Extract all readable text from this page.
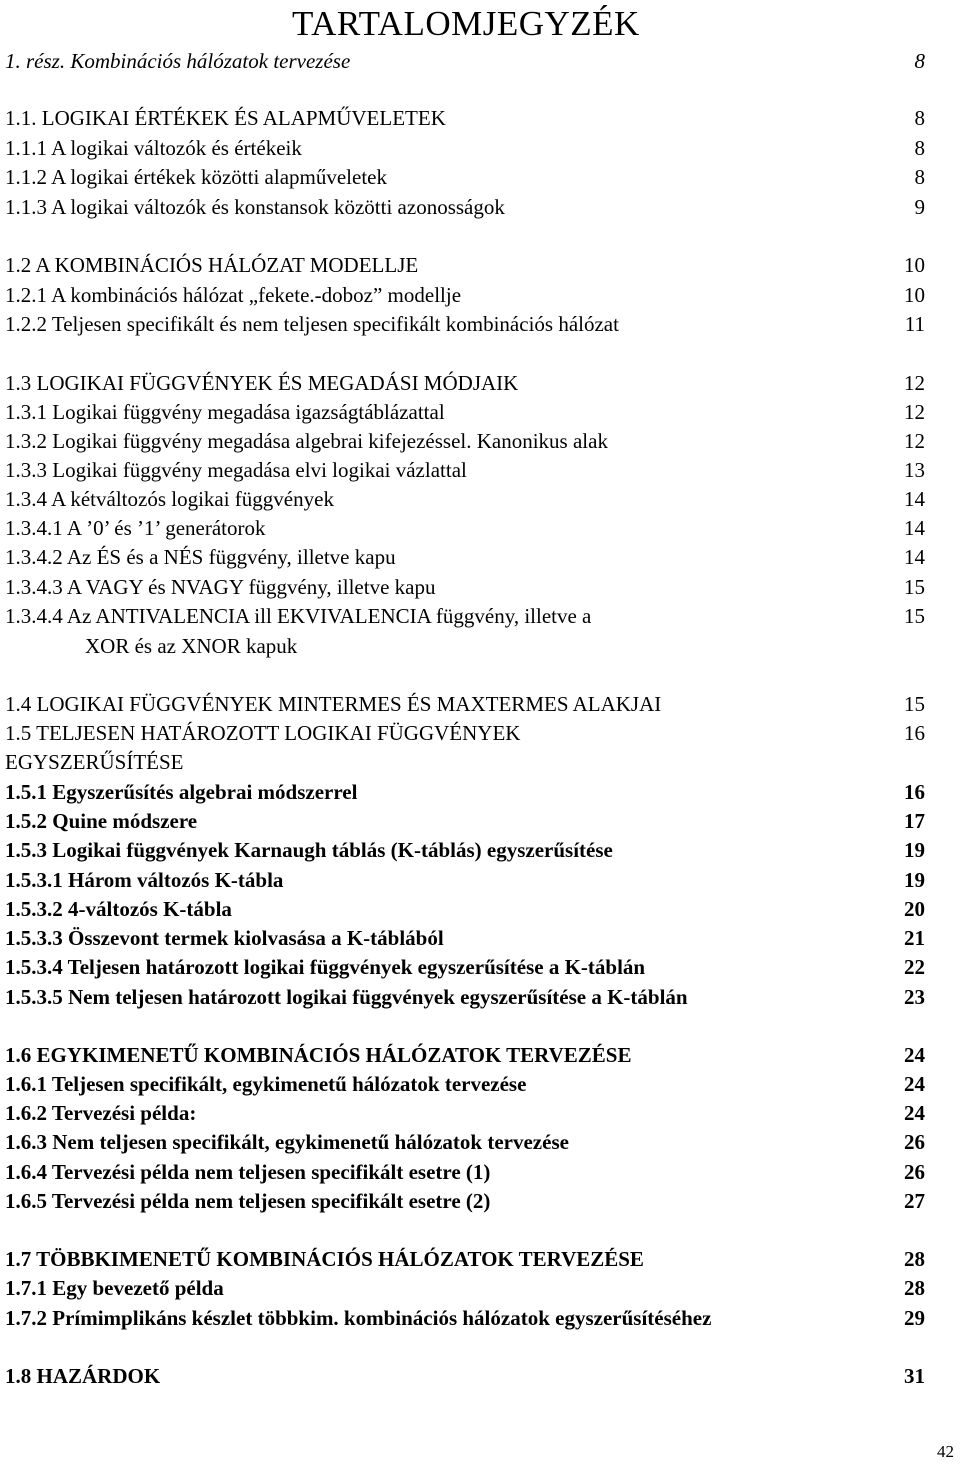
TARTALOMJEGYZÉK
1. rész. Kombinációs hálózatok tervezése	8
1.1. LOGIKAI ÉRTÉKEK ÉS ALAPMŰVELETEK	8
1.1.1 A logikai változók és értékeik	8
1.1.2 A logikai értékek közötti alapműveletek	8
1.1.3 A logikai változók és konstansok közötti azonosságok	9
1.2 A KOMBINÁCIÓS HÁLÓZAT MODELLJE	10
1.2.1 A kombinációs hálózat „fekete.-doboz” modellje	10
1.2.2 Teljesen specifikált és nem teljesen specifikált kombinációs hálózat	11
1.3 LOGIKAI FÜGGVÉNYEK ÉS MEGADÁSI MÓDJAIK	12
1.3.1 Logikai függvény megadása igazságtáblázattal	12
1.3.2 Logikai függvény megadása algebrai kifejezéssel. Kanonikus alak	12
1.3.3 Logikai függvény megadása elvi logikai vázlattal	13
1.3.4 A kétváltozós logikai függvények	14
1.3.4.1 A ’0’ és ’1’ generátorok	14
1.3.4.2 Az ÉS és a NÉS függvény, illetve kapu	14
1.3.4.3 A VAGY és NVAGY függvény, illetve kapu	15
1.3.4.4 Az ANTIVALENCIA ill EKVIVALENCIA függvény, illetve a	15
XOR és az XNOR kapuk
1.4 LOGIKAI FÜGGVÉNYEK MINTERMES ÉS MAXTERMES ALAKJAI	15
1.5 TELJESEN HATÁROZOTT LOGIKAI FÜGGVÉNYEK	16
EGYSZERŰSÍTÉSE
1.5.1 Egyszerűsítés algebrai módszerrel	16
1.5.2 Quine módszere	17
1.5.3 Logikai függvények Karnaugh táblás (K-táblás) egyszerűsítése	19
1.5.3.1 Három változós K-tábla	19
1.5.3.2 4-változós K-tábla	20
1.5.3.3 Összevont termek kiolvasása a K-táblából	21
1.5.3.4 Teljesen határozott logikai függvények egyszerűsítése a K-táblán	22
1.5.3.5 Nem teljesen határozott logikai függvények egyszerűsítése a K-táblán	23
1.6 EGYKIMENETŰ KOMBINÁCIÓS HÁLÓZATOK TERVEZÉSE	24
1.6.1 Teljesen specifikált, egykimenetű hálózatok tervezése	24
1.6.2 Tervezési példa:	24
1.6.3 Nem teljesen specifikált, egykimenetű hálózatok tervezése	26
1.6.4 Tervezési példa nem teljesen specifikált esetre (1)	26
1.6.5 Tervezési példa nem teljesen specifikált esetre (2)	27
1.7 TÖBBKIMENETŰ KOMBINÁCIÓS HÁLÓZATOK TERVEZÉSE	28
1.7.1 Egy bevezető példa	28
1.7.2 Prímimplikáns készlet többkim. kombinációs hálózatok egyszerűsítéséhez	29
1.8 HAZÁRDOK	31
42
